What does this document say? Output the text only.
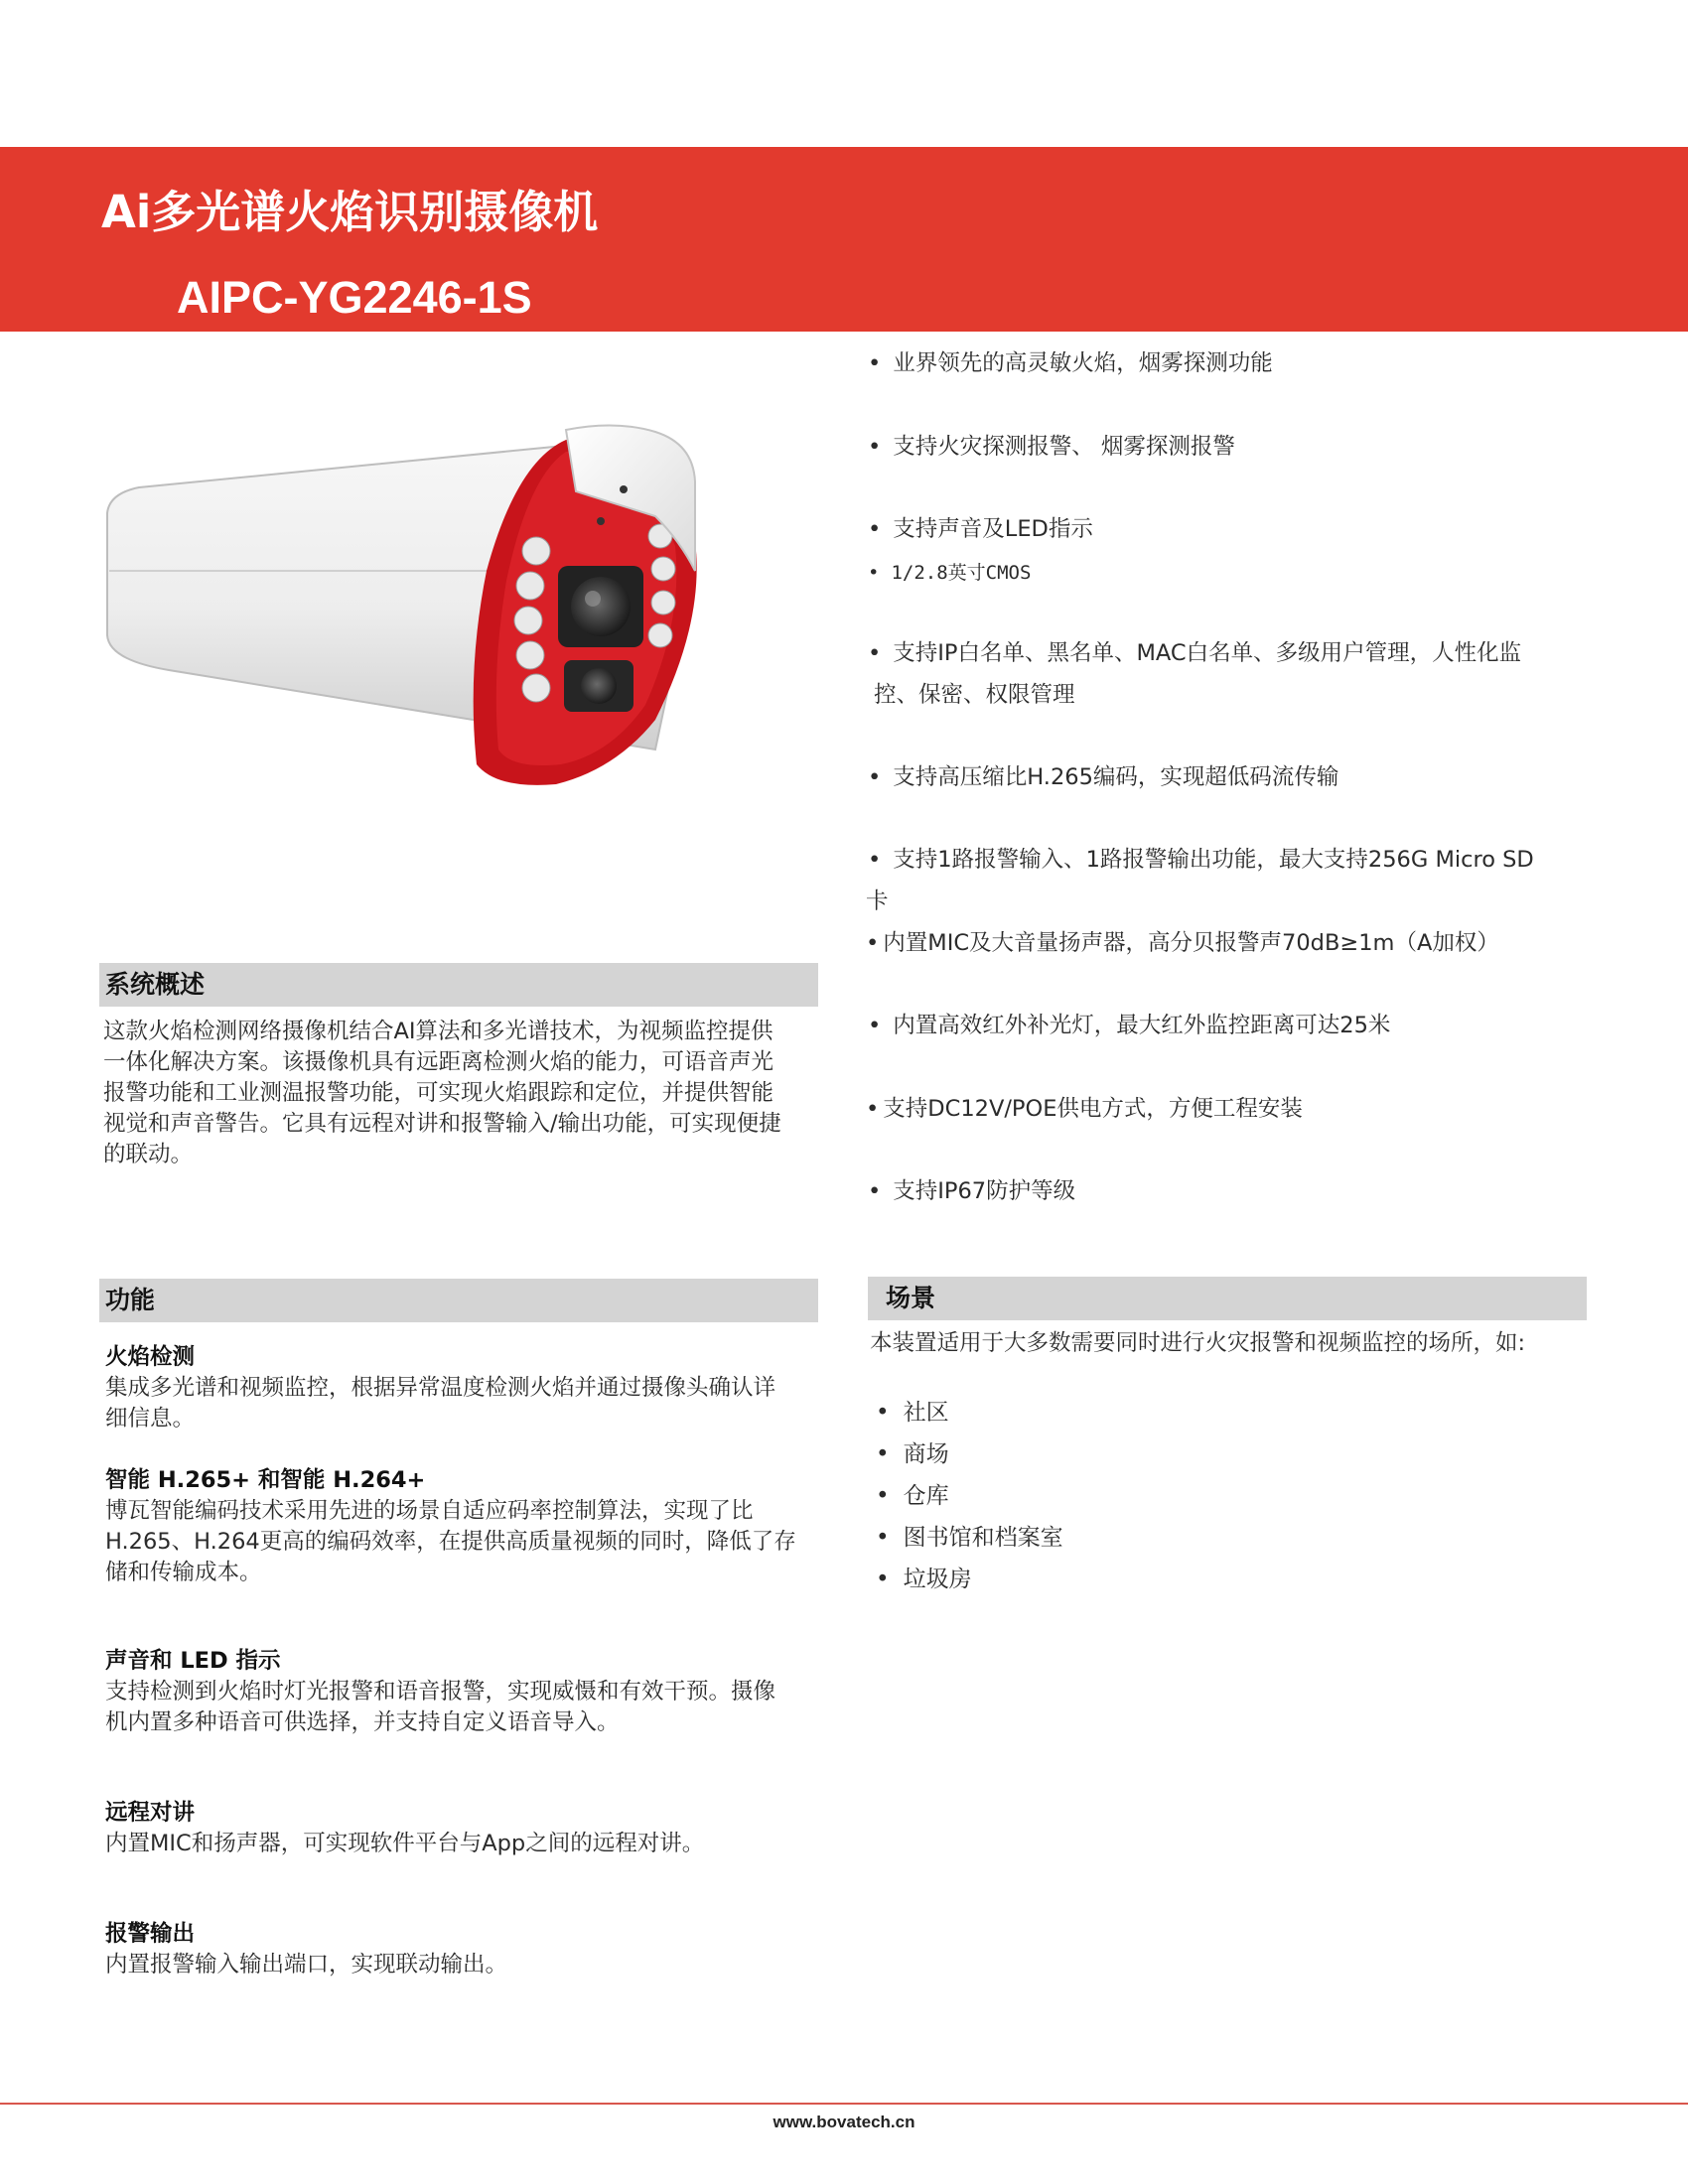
Ai多光谱火焰识别摄像机
AIPC-YG2246-1S
系统概述
这款火焰检测网络摄像机结合AI算法和多光谱技术，为视频监控提供
一体化解决方案。该摄像机具有远距离检测火焰的能力，可语音声光
报警功能和工业测温报警功能，可实现火焰跟踪和定位，并提供智能
视觉和声音警告。它具有远程对讲和报警输入/输出功能，可实现便捷
的联动。
• 业界领先的高灵敏火焰，烟雾探测功能
• 支持火灾探测报警、 烟雾探测报警
• 支持声音及LED指示
• 1/2.8英寸CMOS
• 支持IP白名单、黑名单、MAC白名单、多级用户管理，人性化监
控、保密、权限管理
• 支持高压缩比H.265编码，实现超低码流传输
• 支持1路报警输入、1路报警输出功能，最大支持256G Micro SD
卡
• 内置MIC及大音量扬声器，高分贝报警声70dB≥1m（A加权）
• 内置高效红外补光灯，最大红外监控距离可达25米
• 支持DC12V/POE供电方式，方便工程安装
• 支持IP67防护等级
功能
火焰检测
集成多光谱和视频监控，根据异常温度检测火焰并通过摄像头确认详
细信息。
智能 H.265+ 和智能 H.264+
博瓦智能编码技术采用先进的场景自适应码率控制算法，实现了比
H.265、H.264更高的编码效率，在提供高质量视频的同时，降低了存
储和传输成本。
声音和 LED 指示
支持检测到火焰时灯光报警和语音报警，实现威慑和有效干预。摄像
机内置多种语音可供选择，并支持自定义语音导入。
远程对讲
内置MIC和扬声器，可实现软件平台与App之间的远程对讲。
报警输出
内置报警输入输出端口，实现联动输出。
场景
本装置适用于大多数需要同时进行火灾报警和视频监控的场所，如:
• 社区
• 商场
• 仓库
• 图书馆和档案室
• 垃圾房
www.bovatech.cn
